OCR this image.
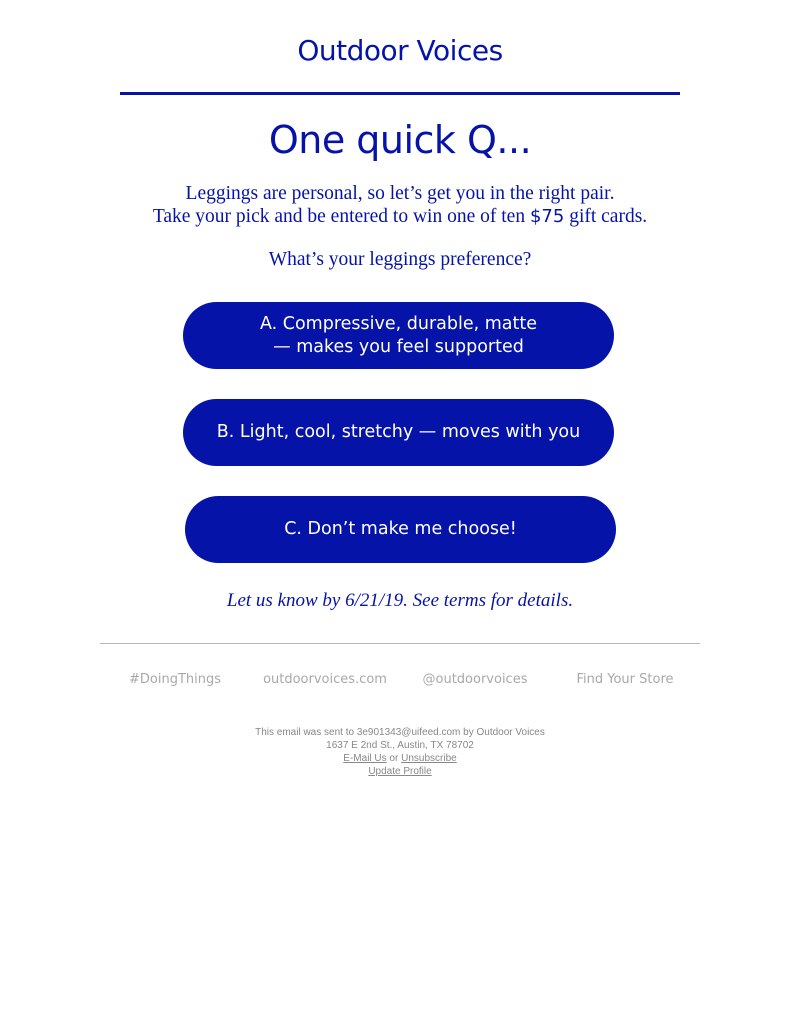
Outdoor Voices
One quick Q...
Leggings are personal, so let’s get you in the right pair.
Take your pick and be entered to win one of ten $75 gift cards.
What’s your leggings preference?
A. Compressive, durable, matte
— makes you feel supported
B. Light, cool, stretchy — moves with you
C. Don’t make me choose!
Let us know by 6/21/19. See terms for details.
#DoingThings	outdoorvoices.com	@outdoorvoices	Find Your Store
This email was sent to 3e901343@uifeed.com by Outdoor Voices
1637 E 2nd St., Austin, TX 78702
E-Mail Us or Unsubscribe
Update Profile
